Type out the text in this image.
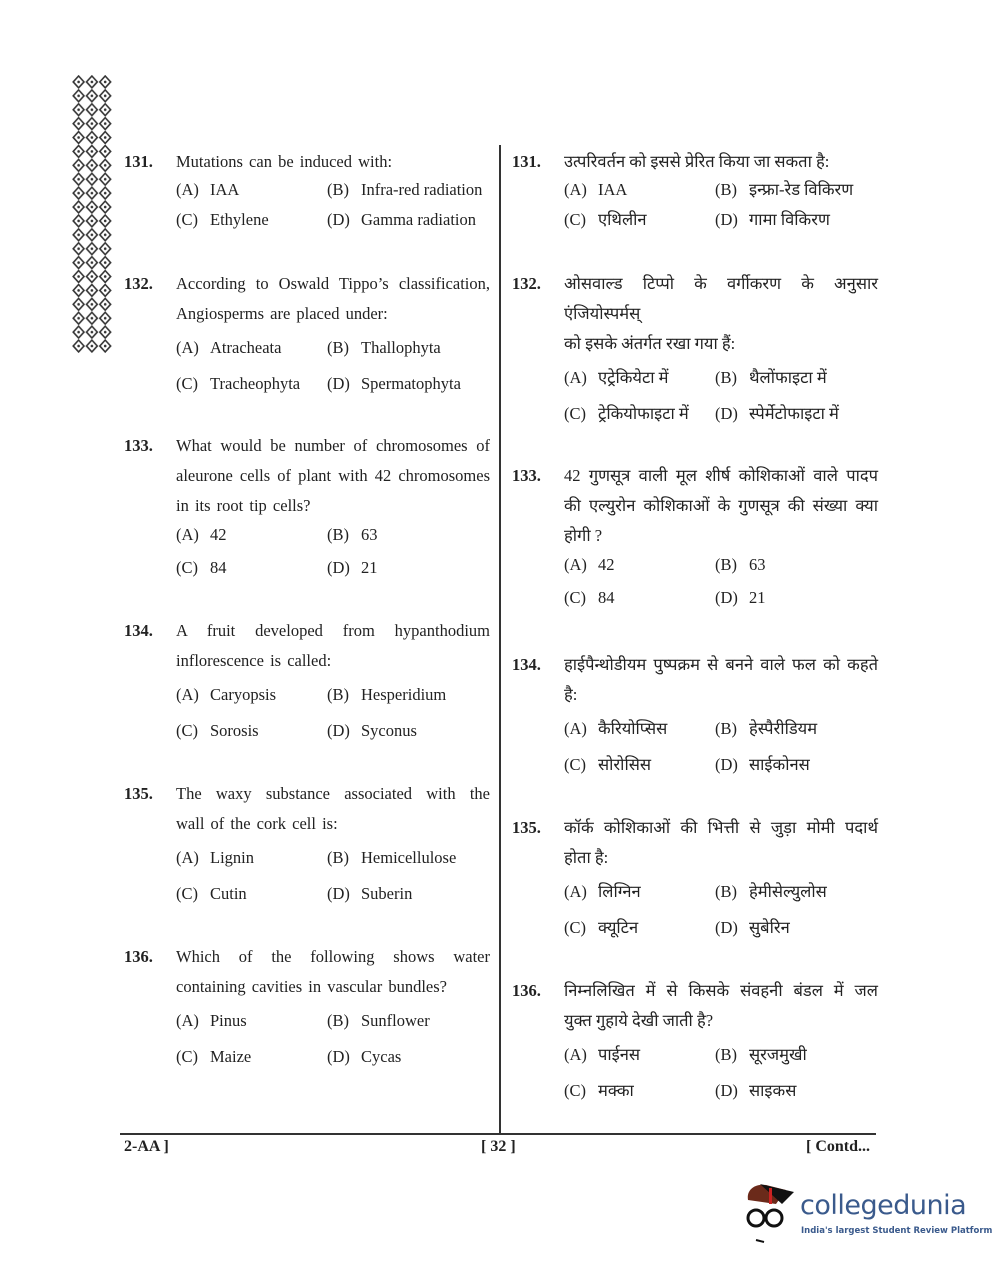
131.	Mutations can be induced with:
(A) IAA	(B) Infra-red radiation
(C) Ethylene	(D) Gamma radiation
132.	According to Oswald Tippo’s classification,
Angiosperms are placed under:
(A) Atracheata	(B) Thallophyta
(C) Tracheophyta	(D) Spermatophyta
133.	What would be number of chromosomes of
aleurone cells of plant with 42 chromosomes
in its root tip cells?
(A) 42	(B) 63
(C) 84	(D) 21
134.	A fruit developed from hypanthodium
inflorescence is called:
(A) Caryopsis	(B) Hesperidium
(C) Sorosis	(D) Syconus
135.	The waxy substance associated with the
wall of the cork cell is:
(A) Lignin	(B) Hemicellulose
(C) Cutin	(D) Suberin
136.	Which of the following shows water
containing cavities in vascular bundles?
(A) Pinus	(B) Sunflower
(C) Maize	(D) Cycas
131.	उत्परिवर्तन को इससे प्रेरित किया जा सकता है:
(A) IAA	(B) इन्फ्रा-रेड विकिरण
(C) एथिलीन	(D) गामा विकिरण
132.	ओसवाल्ड टिप्पो के वर्गीकरण के अनुसार एंजियोस्पर्मस्
को इसके अंतर्गत रखा गया हैं:
(A) एट्रेकियेटा में	(B) थैलोंफाइटा में
(C) ट्रेकियोफाइटा में	(D) स्पेर्मेटोफाइटा में
133.	42 गुणसूत्र वाली मूल शीर्ष कोशिकाओं वाले पादप
की एल्युरोन कोशिकाओं के गुणसूत्र की संख्या क्या
होगी ?
(A) 42	(B) 63
(C) 84	(D) 21
134.	हाईपैन्थोडीयम पुष्पक्रम से बनने वाले फल को कहते
है:
(A) कैरियोप्सिस	(B) हेस्पैरीडियम
(C) सोरोसिस	(D) साईकोनस
135.	कॉर्क कोशिकाओं की भित्ती से जुड़ा मोमी पदार्थ
होता है:
(A) लिग्निन	(B) हेमीसेल्युलोस
(C) क्यूटिन	(D) सुबेरिन
136.	निम्नलिखित में से किसके संवहनी बंडल में जल
युक्त गुहाये देखी जाती है?
(A) पाईनस	(B) सूरजमुखी
(C) मक्का	(D) साइकस
2-AA ]	[ 32 ]	[ Contd...
collegedunia
India's largest Student Review Platform
